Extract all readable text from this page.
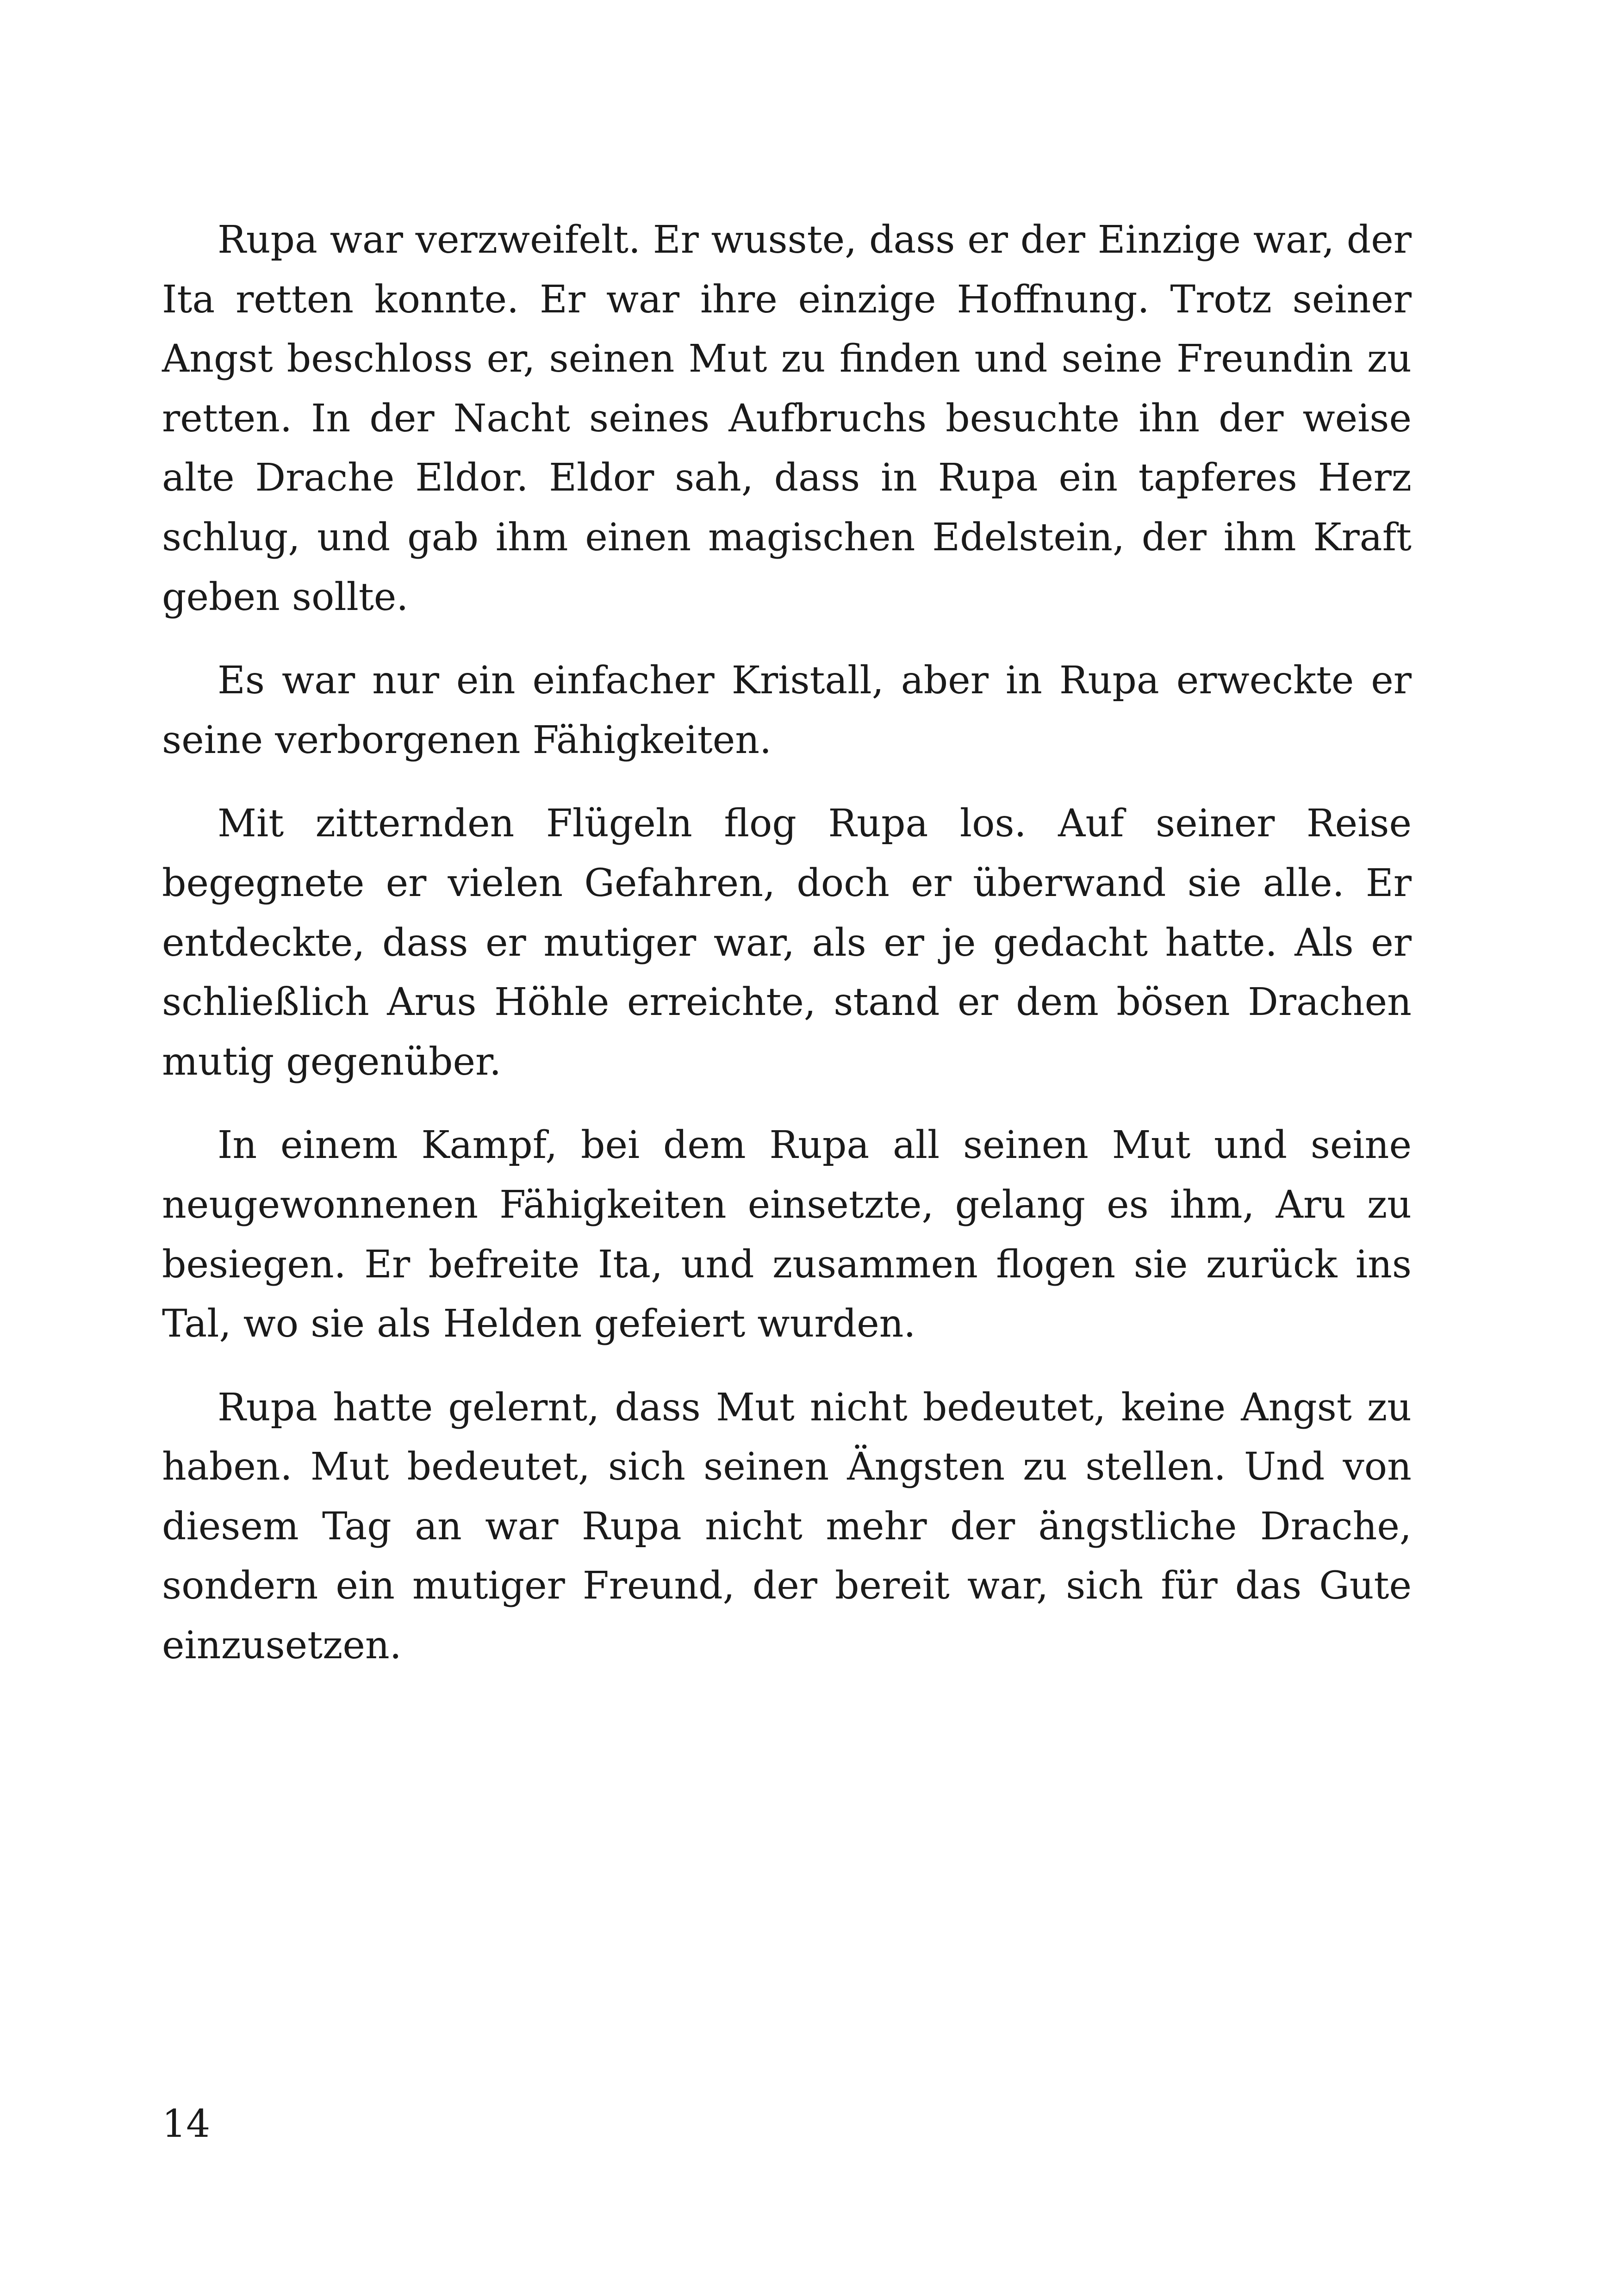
Rupa war verzweifelt. Er wusste, dass er der Einzige war, der Ita retten konnte. Er war ihre einzige Hoffnung. Trotz seiner Angst beschloss er, seinen Mut zu finden und seine Freundin zu retten. In der Nacht seines Aufbruchs besuchte ihn der weise alte Drache Eldor. Eldor sah, dass in Rupa ein tapferes Herz schlug, und gab ihm einen magischen Edelstein, der ihm Kraft geben sollte.

Es war nur ein einfacher Kristall, aber in Rupa erweckte er seine verborgenen Fähigkeiten.

Mit zitternden Flügeln flog Rupa los. Auf seiner Reise begegnete er vielen Gefahren, doch er überwand sie alle. Er entdeckte, dass er mutiger war, als er je gedacht hatte. Als er schließlich Arus Höhle erreichte, stand er dem bösen Drachen mutig gegenüber.

In einem Kampf, bei dem Rupa all seinen Mut und seine neugewonnenen Fähigkeiten einsetzte, gelang es ihm, Aru zu besiegen. Er befreite Ita, und zusammen flogen sie zurück ins Tal, wo sie als Helden gefeiert wurden.

Rupa hatte gelernt, dass Mut nicht bedeutet, keine Angst zu haben. Mut bedeutet, sich seinen Ängsten zu stellen. Und von diesem Tag an war Rupa nicht mehr der ängstliche Drache, sondern ein mutiger Freund, der bereit war, sich für das Gute einzusetzen.

14
